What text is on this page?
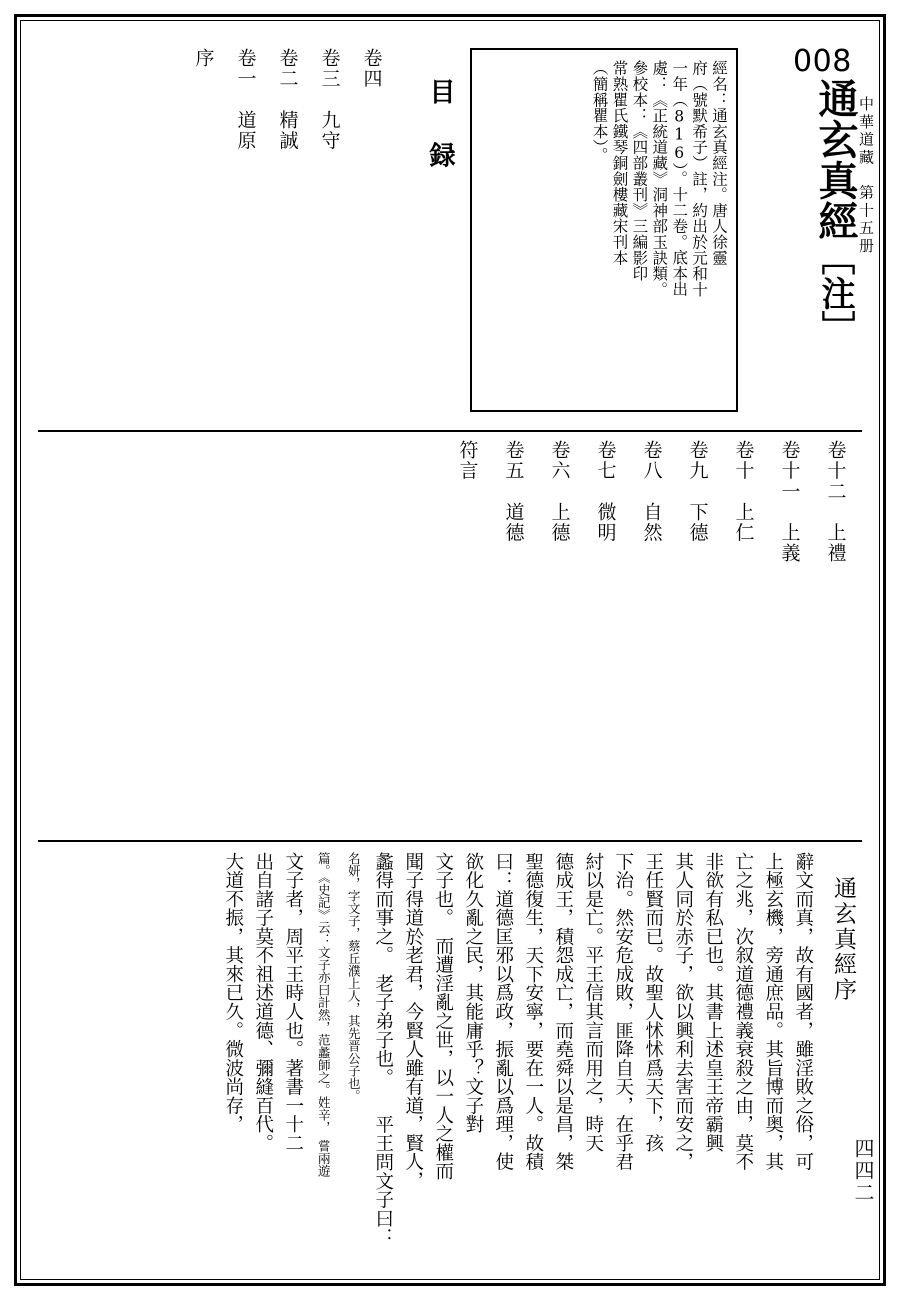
中華道藏　第十五册
四四二
008
通玄真經［注］
經名：通玄真經注。唐人徐靈
府（號默希子）註，約出於元和十
一年（816）。十二卷。底本出
處：《正統道藏》洞神部玉訣類。
參校本：《四部叢刊》三編影印
常熟瞿氏鐵琴銅劍樓藏宋刊本
（簡稱瞿本）。
目　録
序 卷一　道原 卷二　精誠 卷三　九守 卷四
符言 卷五　道德 卷六　上德 卷七　微明 卷八　自然 卷九　下德 卷十　上仁 卷十一　上義 卷十二　上禮
通玄真經序
大道不振，其來已久。微波尚存， 出自諸子莫不祖述道德、彌縫百代。 文子者，周平王時人也。著書一十二 篇。《史記》云：文子亦曰計然，范蠡師之。姓辛，　嘗兩遊 名妍，字文子，蔡丘濮上人，其先晋公子也。　　　　　 蠡得而事之。　老子弟子也。　　平王問文子曰： 聞子得道於老君，今賢人雖有道，賢人， 文子也。　而遭淫亂之世，以一人之權而 欲化久亂之民，其能庸乎？文子對 曰：道德匡邪以爲政，振亂以爲理，使 聖德復生，天下安寧，要在一人。故積 德成王，積怨成亡，而堯舜以是昌，桀 紂以是亡。平王信其言而用之，時天 下治。然安危成敗，匪降自天，在乎君 王任賢而已。故聖人怵怵爲天下，孩 其人同於赤子，欲以興利去害而安之， 非欲有私已也。其書上述皇王帝霸興 亡之兆，次叙道德禮義衰殺之由，莫不 上極玄機，旁通庶品。其旨博而奥，其 辭文而真，故有國者，雖淫敗之俗，可
